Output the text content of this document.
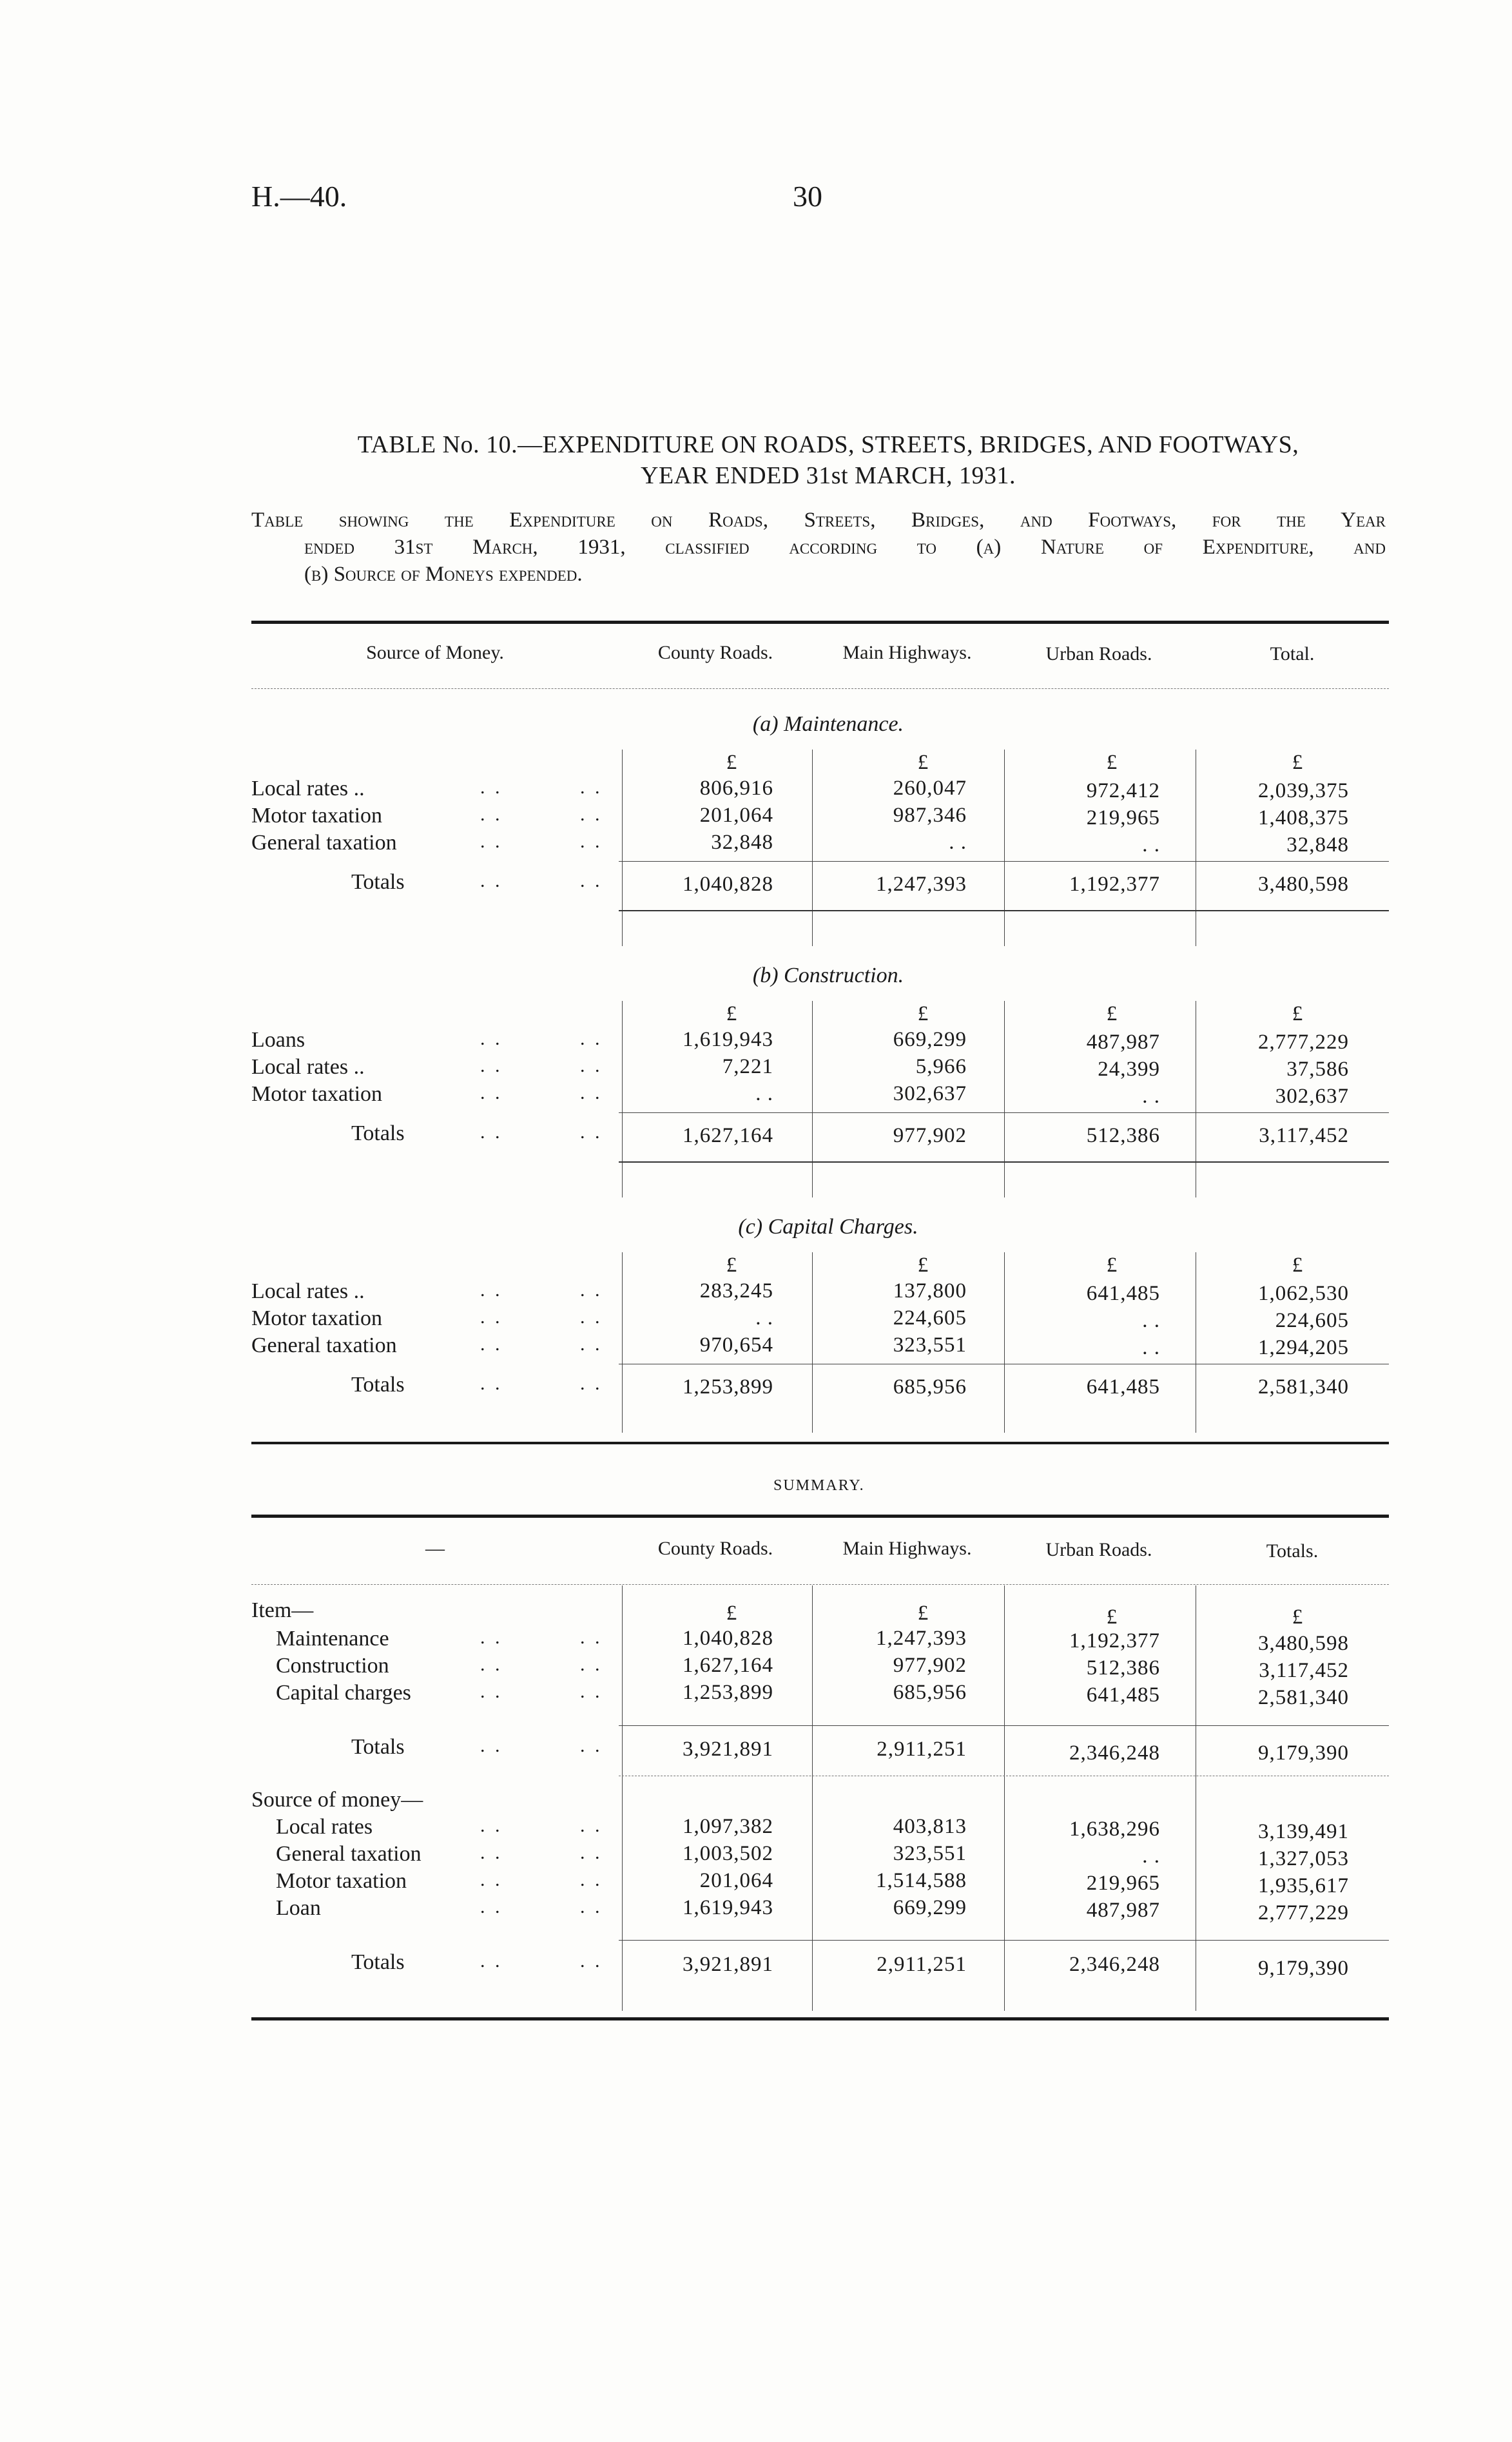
H.—40.	30
TABLE No. 10.—EXPENDITURE ON ROADS, STREETS, BRIDGES, AND FOOTWAYS,
YEAR ENDED 31st MARCH, 1931.
Table showing the Expenditure on Roads, Streets, Bridges, and Footways, for the Year
ended 31st March, 1931, classified according to (a) Nature of Expenditure, and
(b) Source of Moneys expended.
Source of Money.	County Roads.	Main Highways.	Urban Roads.	Total.
(a) Maintenance.
£	£	£	£
Local rates ..	. .	. .	806,916	260,047	972,412	2,039,375
Motor taxation	. .	. .	201,064	987,346	219,965	1,408,375
General taxation	. .	. .	32,848	. .	. .	32,848
Totals	. .	. .	1,040,828	1,247,393	1,192,377	3,480,598
(b) Construction.
£	£	£	£
Loans	. .	. .	1,619,943	669,299	487,987	2,777,229
Local rates ..	. .	. .	7,221	5,966	24,399	37,586
Motor taxation	. .	. .	. .	302,637	. .	302,637
Totals	. .	. .	1,627,164	977,902	512,386	3,117,452
(c) Capital Charges.
£	£	£	£
Local rates ..	. .	. .	283,245	137,800	641,485	1,062,530
Motor taxation	. .	. .	. .	224,605	. .	224,605
General taxation	. .	. .	970,654	323,551	. .	1,294,205
Totals	. .	. .	1,253,899	685,956	641,485	2,581,340
SUMMARY.
—	County Roads.	Main Highways.	Urban Roads.	Totals.
Item—	£	£	£	£
Maintenance	. .	. .	1,040,828	1,247,393	1,192,377	3,480,598
Construction	. .	. .	1,627,164	977,902	512,386	3,117,452
Capital charges	. .	. .	1,253,899	685,956	641,485	2,581,340
Totals	. .	. .	3,921,891	2,911,251	2,346,248	9,179,390
Source of money—
Local rates	. .	. .	1,097,382	403,813	1,638,296	3,139,491
General taxation	. .	. .	1,003,502	323,551	. .	1,327,053
Motor taxation	. .	. .	201,064	1,514,588	219,965	1,935,617
Loan	. .	. .	1,619,943	669,299	487,987	2,777,229
Totals	. .	. .	3,921,891	2,911,251	2,346,248	9,179,390
